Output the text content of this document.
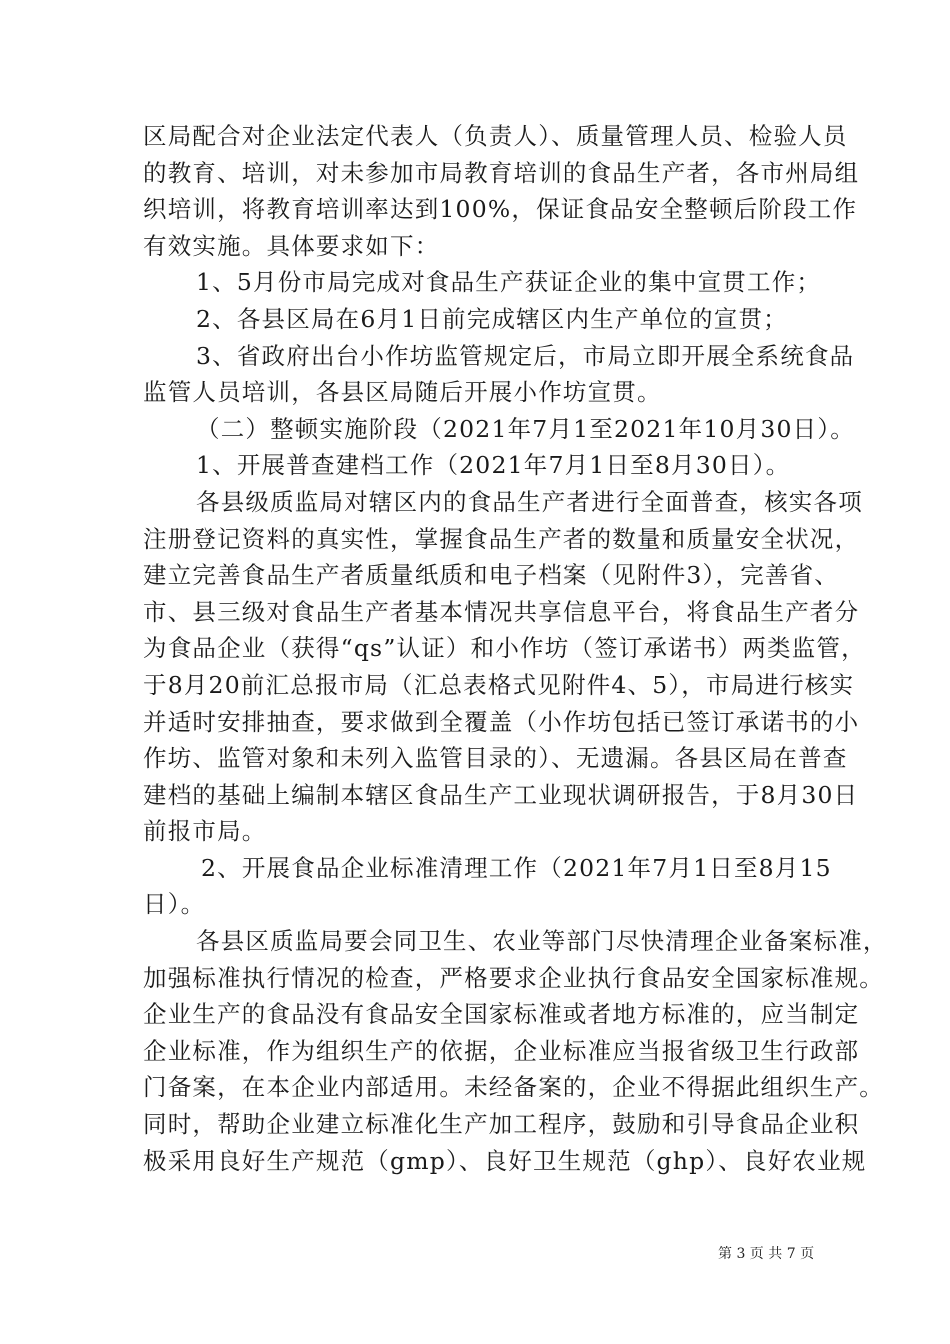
区局配合对企业法定代表人（负责人）、质量管理人员、检验人员
的教育、培训，对未参加市局教育培训的食品生产者，各市州局组
织培训，将教育培训率达到100%，保证食品安全整顿后阶段工作
有效实施。具体要求如下：
1、5月份市局完成对食品生产获证企业的集中宣贯工作；
2、各县区局在6月1日前完成辖区内生产单位的宣贯；
3、省政府出台小作坊监管规定后，市局立即开展全系统食品
监管人员培训，各县区局随后开展小作坊宣贯。
（二）整顿实施阶段（2021年7月1至2021年10月30日）。
1、开展普查建档工作（2021年7月1日至8月30日）。
各县级质监局对辖区内的食品生产者进行全面普查，核实各项
注册登记资料的真实性，掌握食品生产者的数量和质量安全状况，
建立完善食品生产者质量纸质和电子档案（见附件3），完善省、
市、县三级对食品生产者基本情况共享信息平台，将食品生产者分
为食品企业（获得“qs”认证）和小作坊（签订承诺书）两类监管，
于8月20前汇总报市局（汇总表格式见附件4、5），市局进行核实
并适时安排抽查，要求做到全覆盖（小作坊包括已签订承诺书的小
作坊、监管对象和未列入监管目录的）、无遗漏。各县区局在普查
建档的基础上编制本辖区食品生产工业现状调研报告，于8月30日
前报市局。
2、开展食品企业标准清理工作（2021年7月1日至8月15
日）。
各县区质监局要会同卫生、农业等部门尽快清理企业备案标准，
加强标准执行情况的检查，严格要求企业执行食品安全国家标准规。
企业生产的食品没有食品安全国家标准或者地方标准的，应当制定
企业标准，作为组织生产的依据，企业标准应当报省级卫生行政部
门备案，在本企业内部适用。未经备案的，企业不得据此组织生产。
同时，帮助企业建立标准化生产加工程序，鼓励和引导食品企业积
极采用良好生产规范（gmp）、良好卫生规范（ghp）、良好农业规
第 3 页 共 7 页
